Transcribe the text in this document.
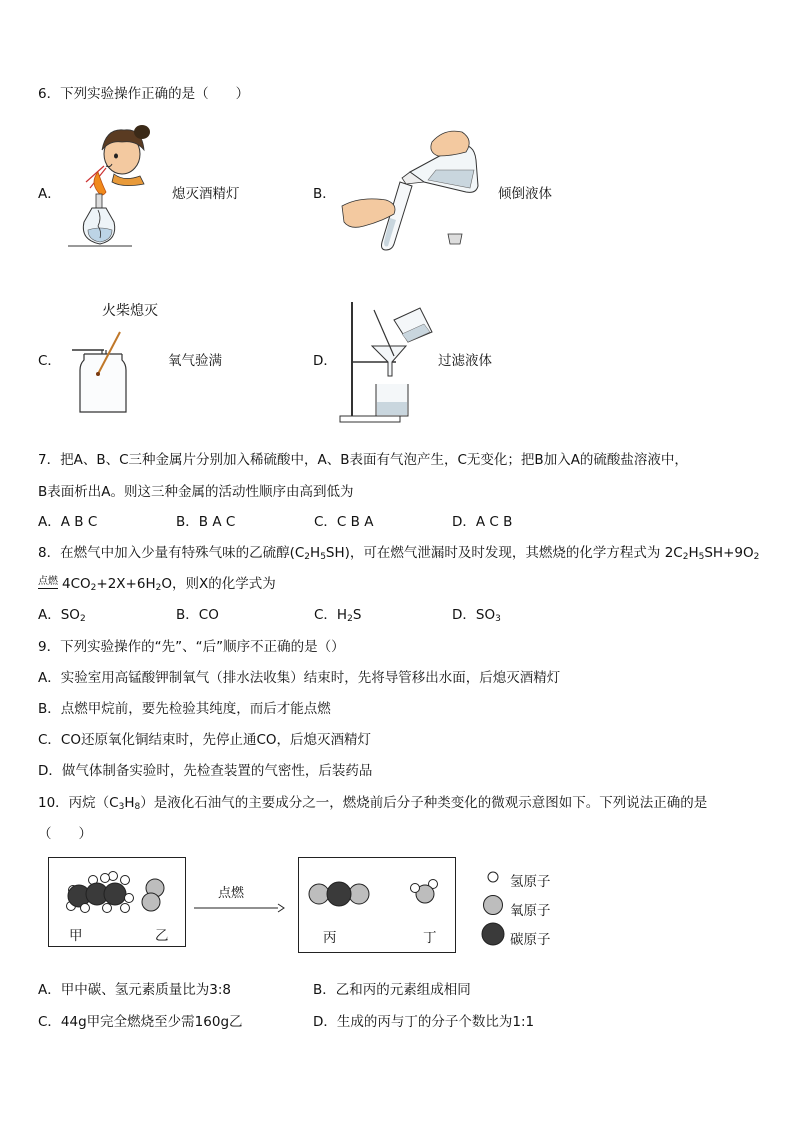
6．下列实验操作正确的是（　　）
A．	熄灭酒精灯	B．	倾倒液体
火柴熄灭
C．	氧气验满	D．	过滤液体
7．把A、B、C三种金属片分别加入稀硫酸中，A、B表面有气泡产生，C无变化；把B加入A的硫酸盐溶液中，
B表面析出A。则这三种金属的活动性顺序由高到低为
A．A B C	B．B A C	C．C B A	D．A C B
8．在燃气中加入少量有特殊气味的乙硫醇$(C_2H_5SH)$，可在燃气泄漏时及时发现，其燃烧的化学方程式为 $2C_2H_5SH+9O_2$
点燃 $4CO_2+2X+6H_2O$，则X的化学式为
A．$SO_2$	B．CO	C．$H_2S$	D．$SO_3$
9．下列实验操作的“先”、“后”顺序不正确的是（）
A．实验室用高锰酸钾制氧气（排水法收集）结束时，先将导管移出水面，后熄灭酒精灯
B．点燃甲烷前，要先检验其纯度，而后才能点燃
C．CO还原氧化铜结束时，先停止通CO，后熄灭酒精灯
D．做气体制备实验时，先检查装置的气密性，后装药品
10．丙烷$(C_3H_8)$是液化石油气的主要成分之一，燃烧前后分子种类变化的微观示意图如下。下列说法正确的是
（　　）
甲	乙
点燃
丙	丁
氢原子
氧原子
碳原子
A．甲中碳、氢元素质量比为3:8	B．乙和丙的元素组成相同
C．44g甲完全燃烧至少需160g乙	D．生成的丙与丁的分子个数比为1:1
